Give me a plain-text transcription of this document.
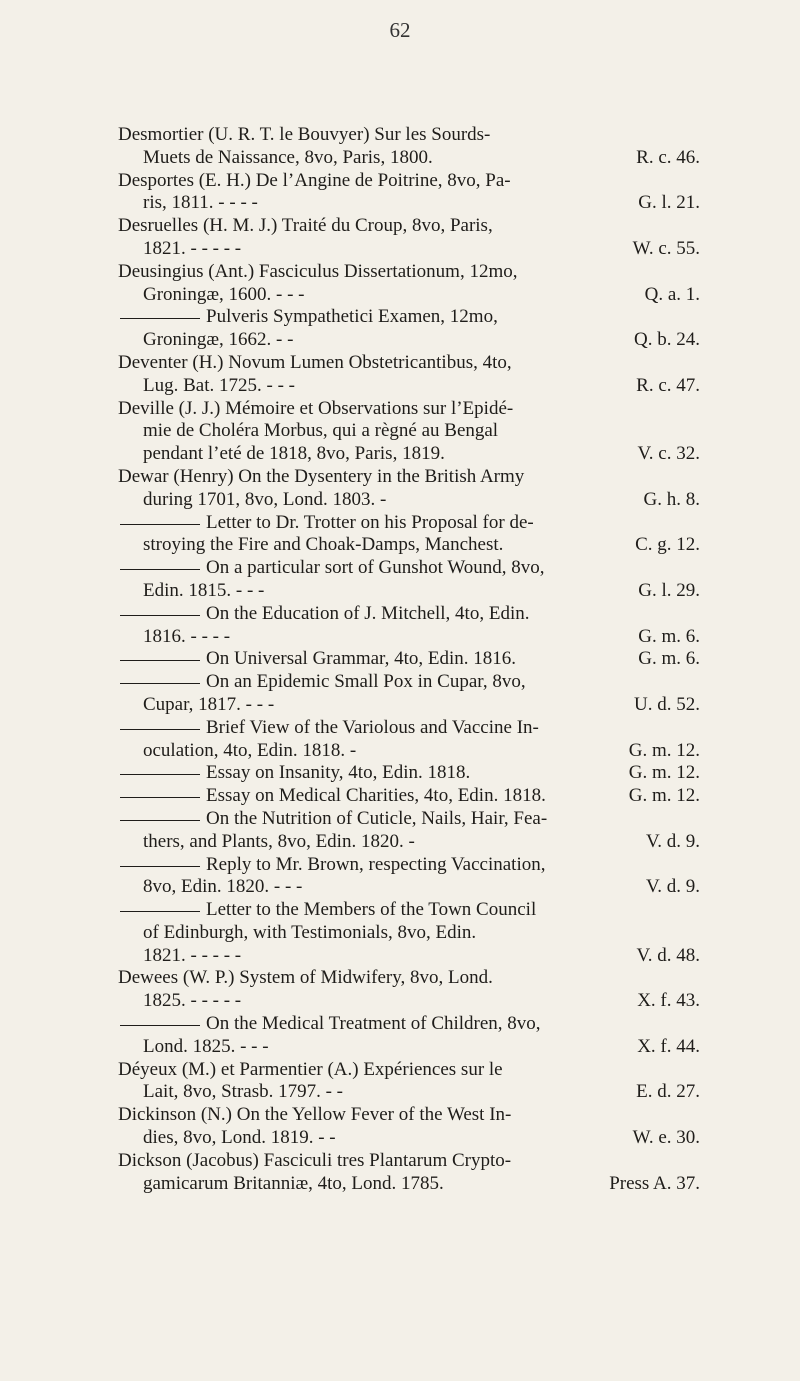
62
Desmortier (U. R. T. le Bouvyer) Sur les Sourds-
Muets de Naissance, 8vo, Paris, 1800.	R. c. 46.
Desportes (E. H.) De l’Angine de Poitrine, 8vo, Pa-
ris, 1811. - - - -	G. l. 21.
Desruelles (H. M. J.) Traité du Croup, 8vo, Paris,
1821. - - - - -	W. c. 55.
Deusingius (Ant.) Fasciculus Dissertationum, 12mo,
Groningæ, 1600. - - -	Q. a. 1.
Pulveris Sympathetici Examen, 12mo,
Groningæ, 1662. - -	Q. b. 24.
Deventer (H.) Novum Lumen Obstetricantibus, 4to,
Lug. Bat. 1725. - - -	R. c. 47.
Deville (J. J.) Mémoire et Observations sur l’Epidé-
mie de Choléra Morbus, qui a règné au Bengal
pendant l’eté de 1818, 8vo, Paris, 1819.	V. c. 32.
Dewar (Henry) On the Dysentery in the British Army
during 1701, 8vo, Lond. 1803. -	G. h. 8.
Letter to Dr. Trotter on his Proposal for de-
stroying the Fire and Choak-Damps, Manchest.	C. g. 12.
On a particular sort of Gunshot Wound, 8vo,
Edin. 1815. - - -	G. l. 29.
On the Education of J. Mitchell, 4to, Edin.
1816. - - - -	G. m. 6.
On Universal Grammar, 4to, Edin. 1816.	G. m. 6.
On an Epidemic Small Pox in Cupar, 8vo,
Cupar, 1817. - - -	U. d. 52.
Brief View of the Variolous and Vaccine In-
oculation, 4to, Edin. 1818. -	G. m. 12.
Essay on Insanity, 4to, Edin. 1818.	G. m. 12.
Essay on Medical Charities, 4to, Edin. 1818.	G. m. 12.
On the Nutrition of Cuticle, Nails, Hair, Fea-
thers, and Plants, 8vo, Edin. 1820. -	V. d. 9.
Reply to Mr. Brown, respecting Vaccination,
8vo, Edin. 1820. - - -	V. d. 9.
Letter to the Members of the Town Council
of Edinburgh, with Testimonials, 8vo, Edin.
1821. - - - - -	V. d. 48.
Dewees (W. P.) System of Midwifery, 8vo, Lond.
1825. - - - - -	X. f. 43.
On the Medical Treatment of Children, 8vo,
Lond. 1825. - - -	X. f. 44.
Déyeux (M.) et Parmentier (A.) Expériences sur le
Lait, 8vo, Strasb. 1797. - -	E. d. 27.
Dickinson (N.) On the Yellow Fever of the West In-
dies, 8vo, Lond. 1819. - -	W. e. 30.
Dickson (Jacobus) Fasciculi tres Plantarum Crypto-
gamicarum Britanniæ, 4to, Lond. 1785.	Press A. 37.
